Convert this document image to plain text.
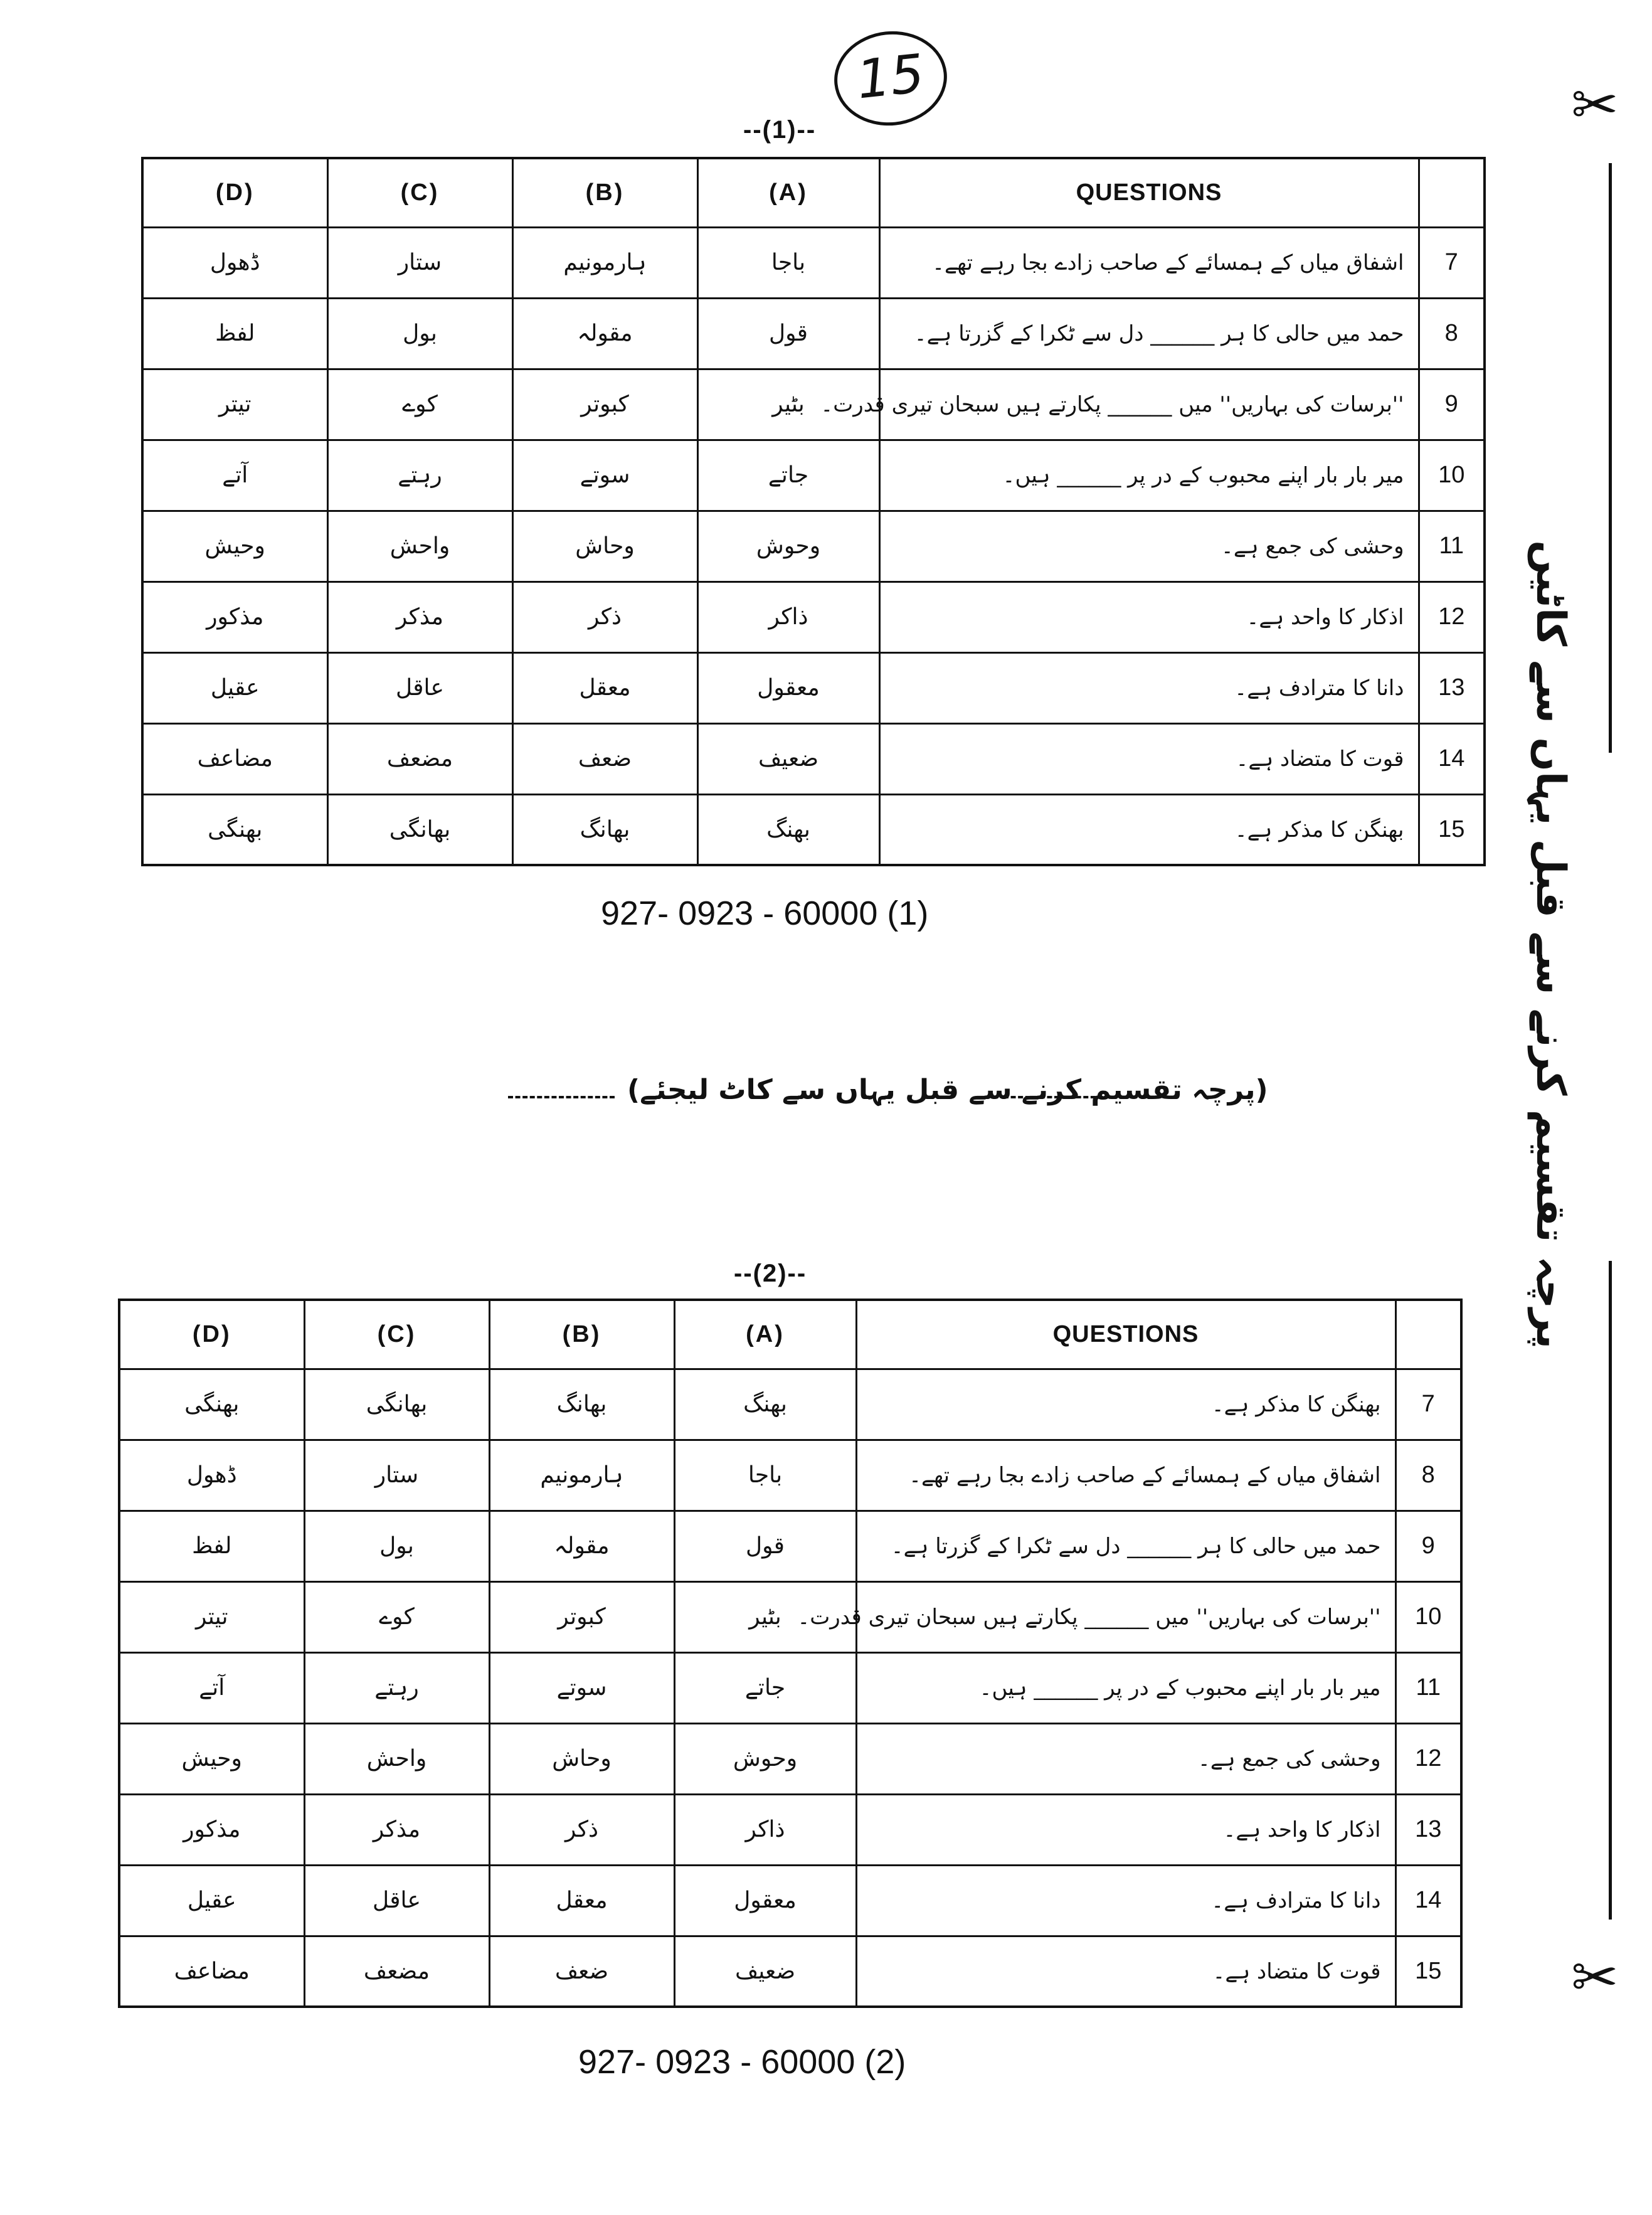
--(1)--
15
(D)	(C)	(B)	(A)	QUESTIONS	
ڈھول	ستار	ہارمونیم	باجا	اشفاق میاں کے ہمسائے کے صاحب زادے بجا رہے تھے۔	7
لفظ	بول	مقولہ	قول	حمد میں حالی کا ہر ______ دل سے ٹکرا کے گزرتا ہے۔	8
تیتر	کوے	کبوتر	بٹیر	''برسات کی بہاریں'' میں ______ پکارتے ہیں سبحان تیری قدرت۔	9
آتے	رہتے	سوتے	جاتے	میر بار بار اپنے محبوب کے در پر ______ ہیں۔	10
وحیش	واحش	وحاش	وحوش	وحشی کی جمع ہے۔	11
مذکور	مذکر	ذکر	ذاکر	اذکار کا واحد ہے۔	12
عقیل	عاقل	معقل	معقول	دانا کا مترادف ہے۔	13
مضاعف	مضعف	ضعف	ضعیف	قوت کا متضاد ہے۔	14
بھنگی	بھانگی	بھانگ	بھنگ	بھنگن کا مذکر ہے۔	15
927- 0923 - 60000 (1)
(پرچہ تقسیم کرنے سے قبل یہاں سے کاٹ لیجئے)
--(2)--
(D)	(C)	(B)	(A)	QUESTIONS	
بھنگی	بھانگی	بھانگ	بھنگ	بھنگن کا مذکر ہے۔	7
ڈھول	ستار	ہارمونیم	باجا	اشفاق میاں کے ہمسائے کے صاحب زادے بجا رہے تھے۔	8
لفظ	بول	مقولہ	قول	حمد میں حالی کا ہر ______ دل سے ٹکرا کے گزرتا ہے۔	9
تیتر	کوے	کبوتر	بٹیر	''برسات کی بہاریں'' میں ______ پکارتے ہیں سبحان تیری قدرت۔	10
آتے	رہتے	سوتے	جاتے	میر بار بار اپنے محبوب کے در پر ______ ہیں۔	11
وحیش	واحش	وحاش	وحوش	وحشی کی جمع ہے۔	12
مذکور	مذکر	ذکر	ذاکر	اذکار کا واحد ہے۔	13
عقیل	عاقل	معقل	معقول	دانا کا مترادف ہے۔	14
مضاعف	مضعف	ضعف	ضعیف	قوت کا متضاد ہے۔	15
927- 0923 - 60000 (2)
✂
پرچہ تقسیم کرنے سے قبل یہاں سے کاٹیں
✂
